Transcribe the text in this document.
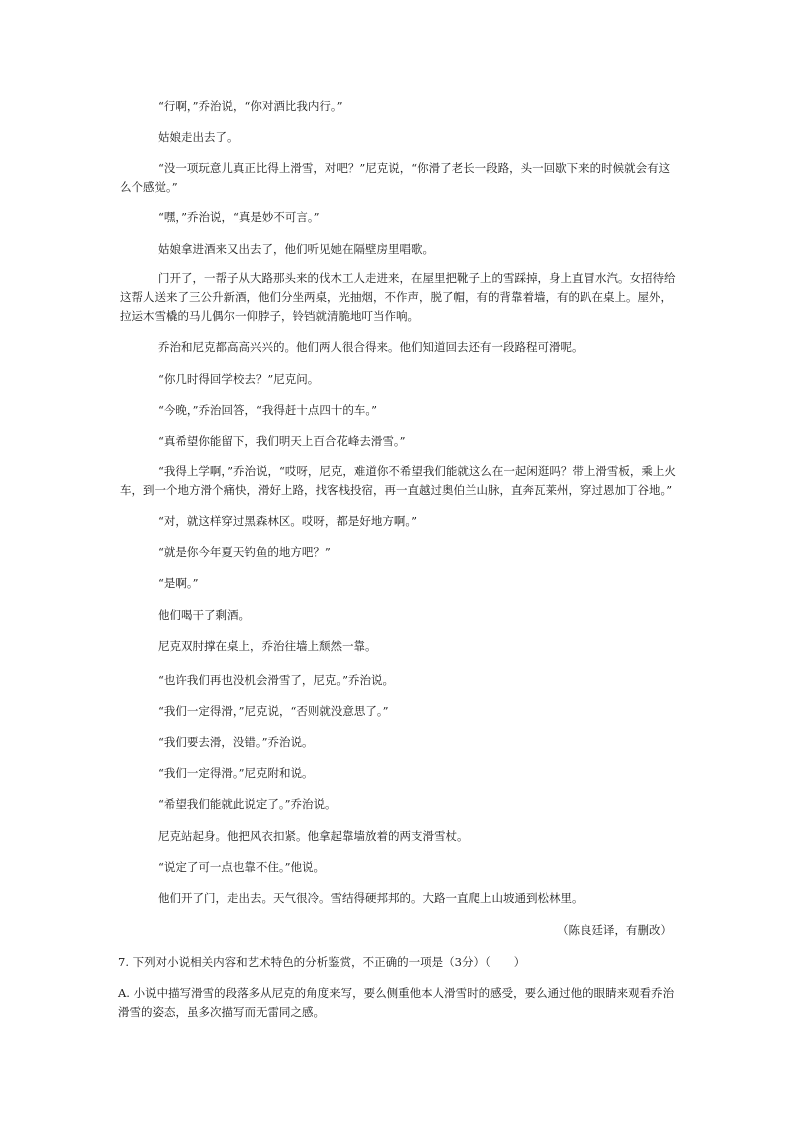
“行啊，”乔治说，“你对酒比我内行。”

姑娘走出去了。

“没一项玩意儿真正比得上滑雪，对吧？”尼克说，“你滑了老长一段路，头一回歇下来的时候就会有这么个感觉。”

“嘿，”乔治说，“真是妙不可言。”

姑娘拿进酒来又出去了，他们听见她在隔壁房里唱歌。

门开了，一帮子从大路那头来的伐木工人走进来，在屋里把靴子上的雪踩掉，身上直冒水汽。女招待给这帮人送来了三公升新酒，他们分坐两桌，光抽烟，不作声，脱了帽，有的背靠着墙，有的趴在桌上。屋外，拉运木雪橇的马儿偶尔一仰脖子，铃铛就清脆地叮当作响。

乔治和尼克都高高兴兴的。他们两人很合得来。他们知道回去还有一段路程可滑呢。

“你几时得回学校去？”尼克问。

“今晚，”乔治回答，“我得赶十点四十的车。”

“真希望你能留下，我们明天上百合花峰去滑雪。”

“我得上学啊，”乔治说，“哎呀，尼克，难道你不希望我们能就这么在一起闲逛吗？带上滑雪板，乘上火车，到一个地方滑个痛快，滑好上路，找客栈投宿，再一直越过奥伯兰山脉，直奔瓦莱州，穿过恩加丁谷地。”

“对，就这样穿过黑森林区。哎呀，都是好地方啊。”

“就是你今年夏天钓鱼的地方吧？”

“是啊。”

他们喝干了剩酒。

尼克双肘撑在桌上，乔治往墙上颓然一靠。

“也许我们再也没机会滑雪了，尼克。”乔治说。

“我们一定得滑，”尼克说，“否则就没意思了。”

“我们要去滑，没错。”乔治说。

“我们一定得滑。”尼克附和说。

“希望我们能就此说定了。”乔治说。

尼克站起身。他把风衣扣紧。他拿起靠墙放着的两支滑雪杖。

“说定了可一点也靠不住。”他说。

他们开了门，走出去。天气很冷。雪结得硬邦邦的。大路一直爬上山坡通到松林里。

（陈良廷译，有删改）

7. 下列对小说相关内容和艺术特色的分析鉴赏，不正确的一项是（3分）（　　）

A. 小说中描写滑雪的段落多从尼克的角度来写，要么侧重他本人滑雪时的感受，要么通过他的眼睛来观看乔治滑雪的姿态，虽多次描写而无雷同之感。
